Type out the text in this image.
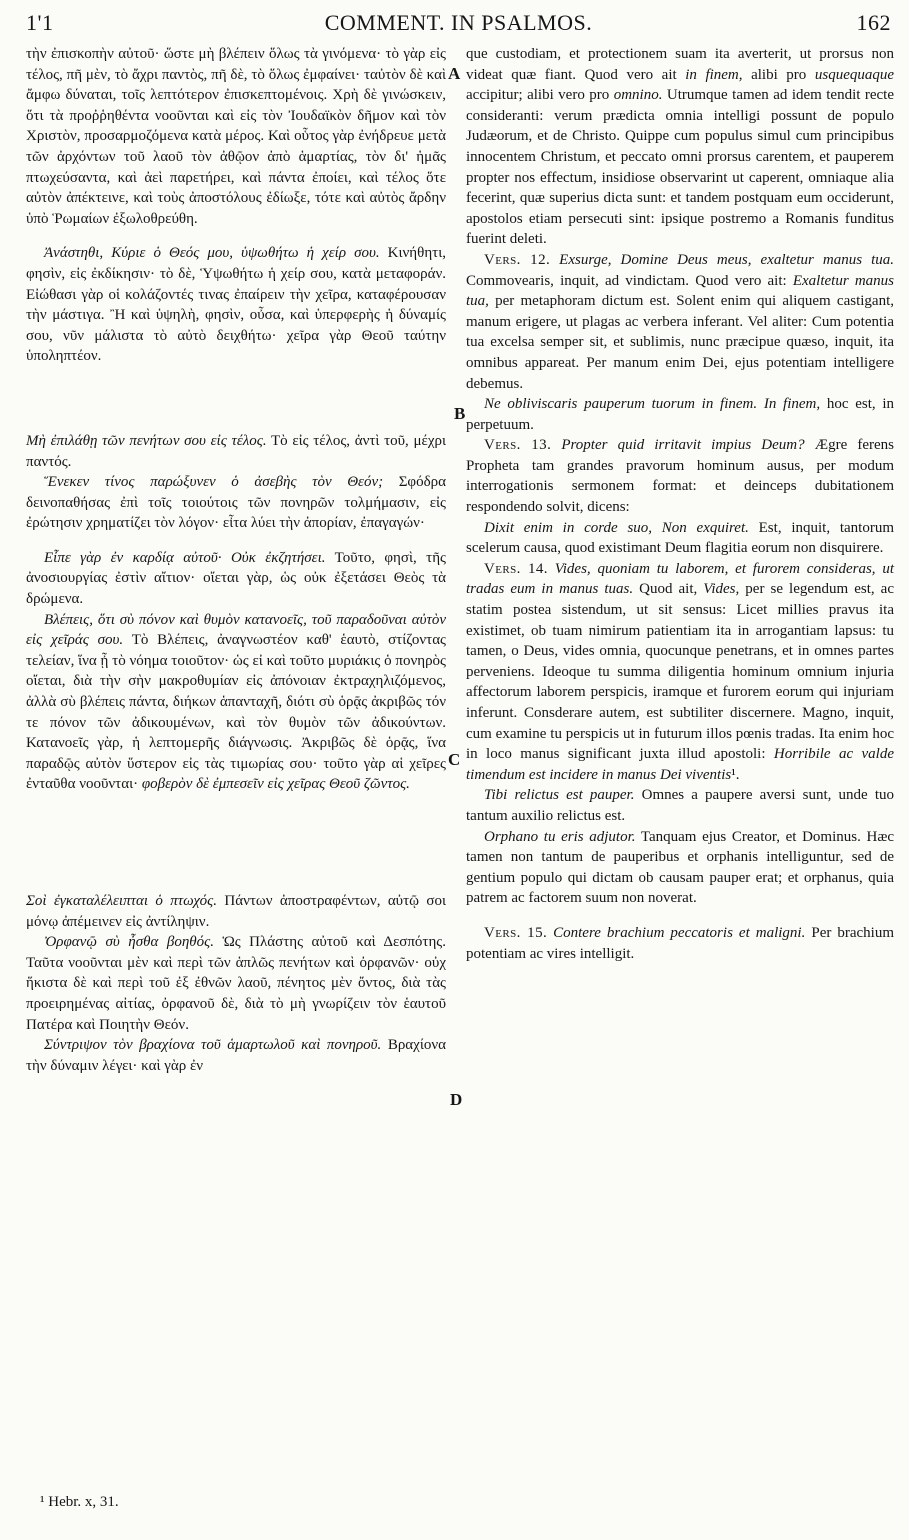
1'1	COMMENT. IN PSALMOS.	162
A
B
C
D

τὴν ἐπισκοπὴν αὐτοῦ· ὥστε μὴ βλέπειν ὅλως τὰ γινόμενα· τὸ γὰρ εἰς τέλος, πῆ μὲν, τὸ ἄχρι παντὸς, πῆ δὲ, τὸ ὅλως ἐμφαίνει· ταὐτὸν δὲ καὶ ἄμφω δύναται, τοῖς λεπτότερον ἐπισκεπτομένοις. Χρὴ δὲ γινώσκειν, ὅτι τὰ προῤῥηθέντα νοοῦνται καὶ εἰς τὸν Ἰουδαϊκὸν δῆμον καὶ τὸν Χριστὸν, προσαρμοζόμενα κατὰ μέρος. Καὶ οὗτος γὰρ ἐνήδρευε μετὰ τῶν ἀρχόντων τοῦ λαοῦ τὸν ἀθῷον ἀπὸ ἁμαρτίας, τὸν δι' ἡμᾶς πτωχεύσαντα, καὶ ἀεὶ παρετήρει, καὶ πάντα ἐποίει, καὶ τέλος ὅτε αὐτὸν ἀπέκτεινε, καὶ τοὺς ἀποστόλους ἐδίωξε, τότε καὶ αὐτὸς ἄρδην ὑπὸ Ῥωμαίων ἐξωλοθρεύθη.

Ἀνάστηθι, Κύριε ὁ Θεός μου, ὑψωθήτω ἡ χείρ σου. Κινήθητι, φησὶν, εἰς ἐκδίκησιν· τὸ δὲ, Ὑψωθήτω ἡ χείρ σου, κατὰ μεταφοράν. Εἰώθασι γὰρ οἱ κολάζοντές τινας ἐπαίρειν τὴν χεῖρα, καταφέρουσαν τὴν μάστιγα. Ἢ καὶ ὑψηλὴ, φησὶν, οὖσα, καὶ ὑπερφερὴς ἡ δύναμίς σου, νῦν μάλιστα τὸ αὐτὸ δειχθήτω· χεῖρα γὰρ Θεοῦ ταύτην ὑποληπτέον.

Μὴ ἐπιλάθῃ τῶν πενήτων σου εἰς τέλος. Τὸ εἰς τέλος, ἀντὶ τοῦ, μέχρι παντός.

Ἕνεκεν τίνος παρώξυνεν ὁ ἀσεβὴς τὸν Θεόν; Σφόδρα δεινοπαθήσας ἐπὶ τοῖς τοιούτοις τῶν πονηρῶν τολμήμασιν, εἰς ἐρώτησιν χρηματίζει τὸν λόγον· εἶτα λύει τὴν ἀπορίαν, ἐπαγαγών·

Εἶπε γὰρ ἐν καρδίᾳ αὐτοῦ· Οὐκ ἐκζητήσει. Τοῦτο, φησὶ, τῆς ἀνοσιουργίας ἐστὶν αἴτιον· οἴεται γὰρ, ὡς οὐκ ἐξετάσει Θεὸς τὰ δρώμενα.

Βλέπεις, ὅτι σὺ πόνον καὶ θυμὸν κατανοεῖς, τοῦ παραδοῦναι αὐτὸν εἰς χεῖράς σου. Τὸ Βλέπεις, ἀναγνωστέον καθ' ἑαυτὸ, στίζοντας τελείαν, ἵνα ᾖ τὸ νόημα τοιοῦτον· ὡς εἰ καὶ τοῦτο μυριάκις ὁ πονηρὸς οἴεται, διὰ τὴν σὴν μακροθυμίαν εἰς ἀπόνοιαν ἐκτραχηλιζόμενος, ἀλλὰ σὺ βλέπεις πάντα, διήκων ἁπανταχῆ, διότι σὺ ὁρᾷς ἀκριβῶς τόν τε πόνον τῶν ἀδικουμένων, καὶ τὸν θυμὸν τῶν ἀδικούντων. Κατανοεῖς γὰρ, ἡ λεπτομερῆς διάγνωσις. Ἀκριβῶς δὲ ὁρᾷς, ἵνα παραδῷς αὐτὸν ὕστερον εἰς τὰς τιμωρίας σου· τοῦτο γὰρ αἱ χεῖρες ἐνταῦθα νοοῦνται· φοβερὸν δὲ ἐμπεσεῖν εἰς χεῖρας Θεοῦ ζῶντος.

Σοὶ ἐγκαταλέλειπται ὁ πτωχός. Πάντων ἀποστραφέντων, αὐτῷ σοι μόνῳ ἀπέμεινεν εἰς ἀντίληψιν.

Ὀρφανῷ σὺ ἦσθα βοηθός. Ὡς Πλάστης αὐτοῦ καὶ Δεσπότης. Ταῦτα νοοῦνται μὲν καὶ περὶ τῶν ἁπλῶς πενήτων καὶ ὀρφανῶν· οὐχ ἥκιστα δὲ καὶ περὶ τοῦ ἐξ ἐθνῶν λαοῦ, πένητος μὲν ὄντος, διὰ τὰς προειρημένας αἰτίας, ὀρφανοῦ δὲ, διὰ τὸ μὴ γνωρίζειν τὸν ἑαυτοῦ Πατέρα καὶ Ποιητὴν Θεόν.

Σύντριψον τὸν βραχίονα τοῦ ἁμαρτωλοῦ καὶ πονηροῦ. Βραχίονα τὴν δύναμιν λέγει· καὶ γὰρ ἐν

que custodiam, et protectionem suam ita averterit, ut prorsus non videat quæ fiant. Quod vero ait in finem, alibi pro usquequaque accipitur; alibi vero pro omnino. Utrumque tamen ad idem tendit recte consideranti: verum prædicta omnia intelligi possunt de populo Judæorum, et de Christo. Quippe cum populus simul cum principibus innocentem Christum, et peccato omni prorsus carentem, et pauperem propter nos effectum, insidiose observarint ut caperent, omniaque alia fecerint, quæ superius dicta sunt: et tandem postquam eum occiderunt, apostolos etiam persecuti sint: ipsique postremo a Romanis funditus fuerint deleti.

Vers. 12. Exsurge, Domine Deus meus, exaltetur manus tua. Commovearis, inquit, ad vindictam. Quod vero ait: Exaltetur manus tua, per metaphoram dictum est. Solent enim qui aliquem castigant, manum erigere, ut plagas ac verbera inferant. Vel aliter: Cum potentia tua excelsa semper sit, et sublimis, nunc præcipue quæso, inquit, ita omnibus appareat. Per manum enim Dei, ejus potentiam intelligere debemus.

Ne obliviscaris pauperum tuorum in finem. In finem, hoc est, in perpetuum.

Vers. 13. Propter quid irritavit impius Deum? Ægre ferens Propheta tam grandes pravorum hominum ausus, per modum interrogationis sermonem format: et deinceps dubitationem respondendo solvit, dicens:

Dixit enim in corde suo, Non exquiret. Est, inquit, tantorum scelerum causa, quod existimant Deum flagitia eorum non disquirere.

Vers. 14. Vides, quoniam tu laborem, et furorem consideras, ut tradas eum in manus tuas. Quod ait, Vides, per se legendum est, ac statim postea sistendum, ut sit sensus: Licet millies pravus ita existimet, ob tuam nimirum patientiam ita in arrogantiam lapsus: tu tamen, o Deus, vides omnia, quocunque penetrans, et in omnes partes perveniens. Ideoque tu summa diligentia hominum omnium injuria affectorum laborem perspicis, iramque et furorem eorum qui injuriam inferunt. Consderare autem, est subtiliter discernere. Magno, inquit, cum examine tu perspicis ut in futurum illos pœnis tradas. Ita enim hoc in loco manus significant juxta illud apostoli: Horribile ac valde timendum est incidere in manus Dei viventis¹.

Tibi relictus est pauper. Omnes a paupere aversi sunt, unde tuo tantum auxilio relictus est.

Orphano tu eris adjutor. Tanquam ejus Creator, et Dominus. Hæc tamen non tantum de pauperibus et orphanis intelliguntur, sed de gentium populo qui dictam ob causam pauper erat; et orphanus, quia patrem ac factorem suum non noverat.

Vers. 15. Contere brachium peccatoris et maligni. Per brachium potentiam ac vires intelligit.

¹ Hebr. x, 31.
